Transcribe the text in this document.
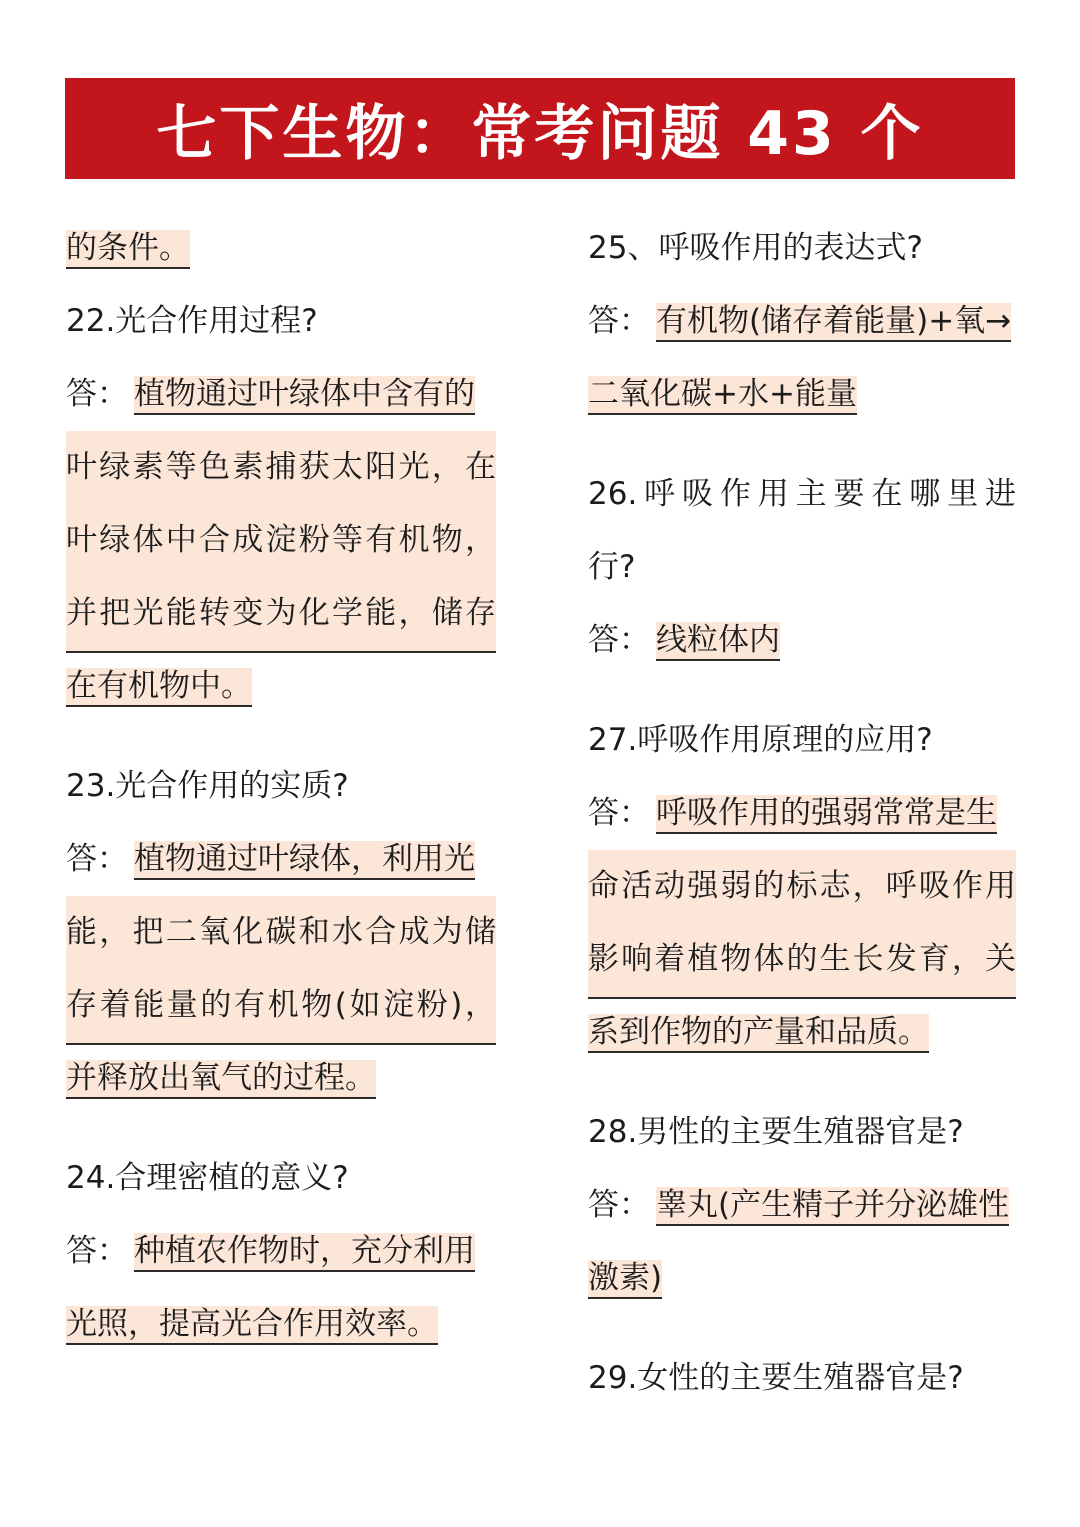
七下生物：常考问题 43 个
的条件。
22.光合作用过程?
答： 植物通过叶绿体中含有的
叶绿素等色素捕获太阳光，在
叶绿体中合成淀粉等有机物，
并把光能转变为化学能，储存
在有机物中。
23.光合作用的实质?
答： 植物通过叶绿体，利用光
能，把二氧化碳和水合成为储
存着能量的有机物(如淀粉)，
并释放出氧气的过程。
24.合理密植的意义?
答： 种植农作物时，充分利用
光照，提高光合作用效率。
25、呼吸作用的表达式?
答： 有机物(储存着能量)+氧→
二氧化碳+水+能量
26.呼吸作用主要在哪里进
行?
答： 线粒体内
27.呼吸作用原理的应用?
答： 呼吸作用的强弱常常是生
命活动强弱的标志，呼吸作用
影响着植物体的生长发育，关
系到作物的产量和品质。
28.男性的主要生殖器官是?
答： 睾丸(产生精子并分泌雄性
激素)
29.女性的主要生殖器官是?
